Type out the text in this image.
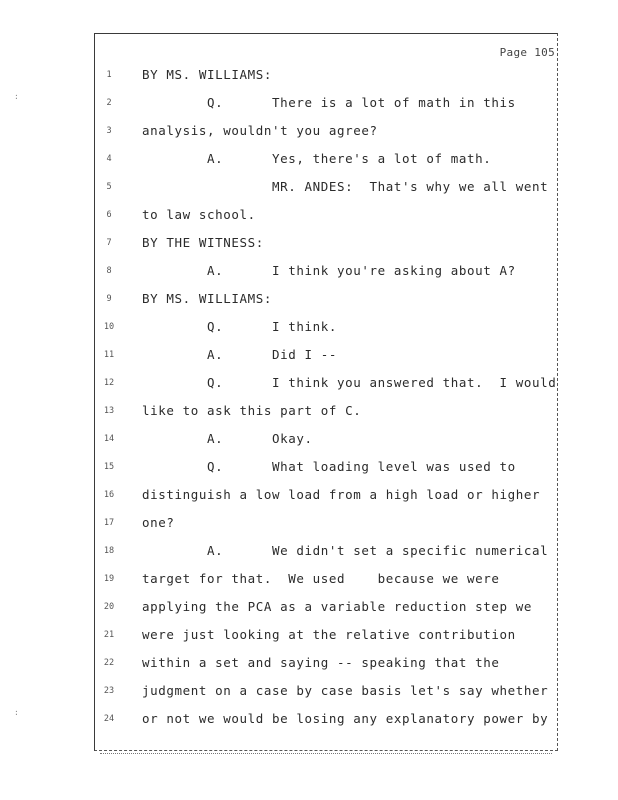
Page 105
1	BY MS. WILLIAMS:
2	Q.      There is a lot of math in this
3	analysis, wouldn't you agree?
4	A.      Yes, there's a lot of math.
5	MR. ANDES:  That's why we all went
6	to law school.
7	BY THE WITNESS:
8	A.      I think you're asking about A?
9	BY MS. WILLIAMS:
10	Q.      I think.
11	A.      Did I --
12	Q.      I think you answered that.  I would
13	like to ask this part of C.
14	A.      Okay.
15	Q.      What loading level was used to
16	distinguish a low load from a high load or higher
17	one?
18	A.      We didn't set a specific numerical
19	target for that.  We used    because we were
20	applying the PCA as a variable reduction step we
21	were just looking at the relative contribution
22	within a set and saying -- speaking that the
23	judgment on a case by case basis let's say whether
24	or not we would be losing any explanatory power by
:
:
